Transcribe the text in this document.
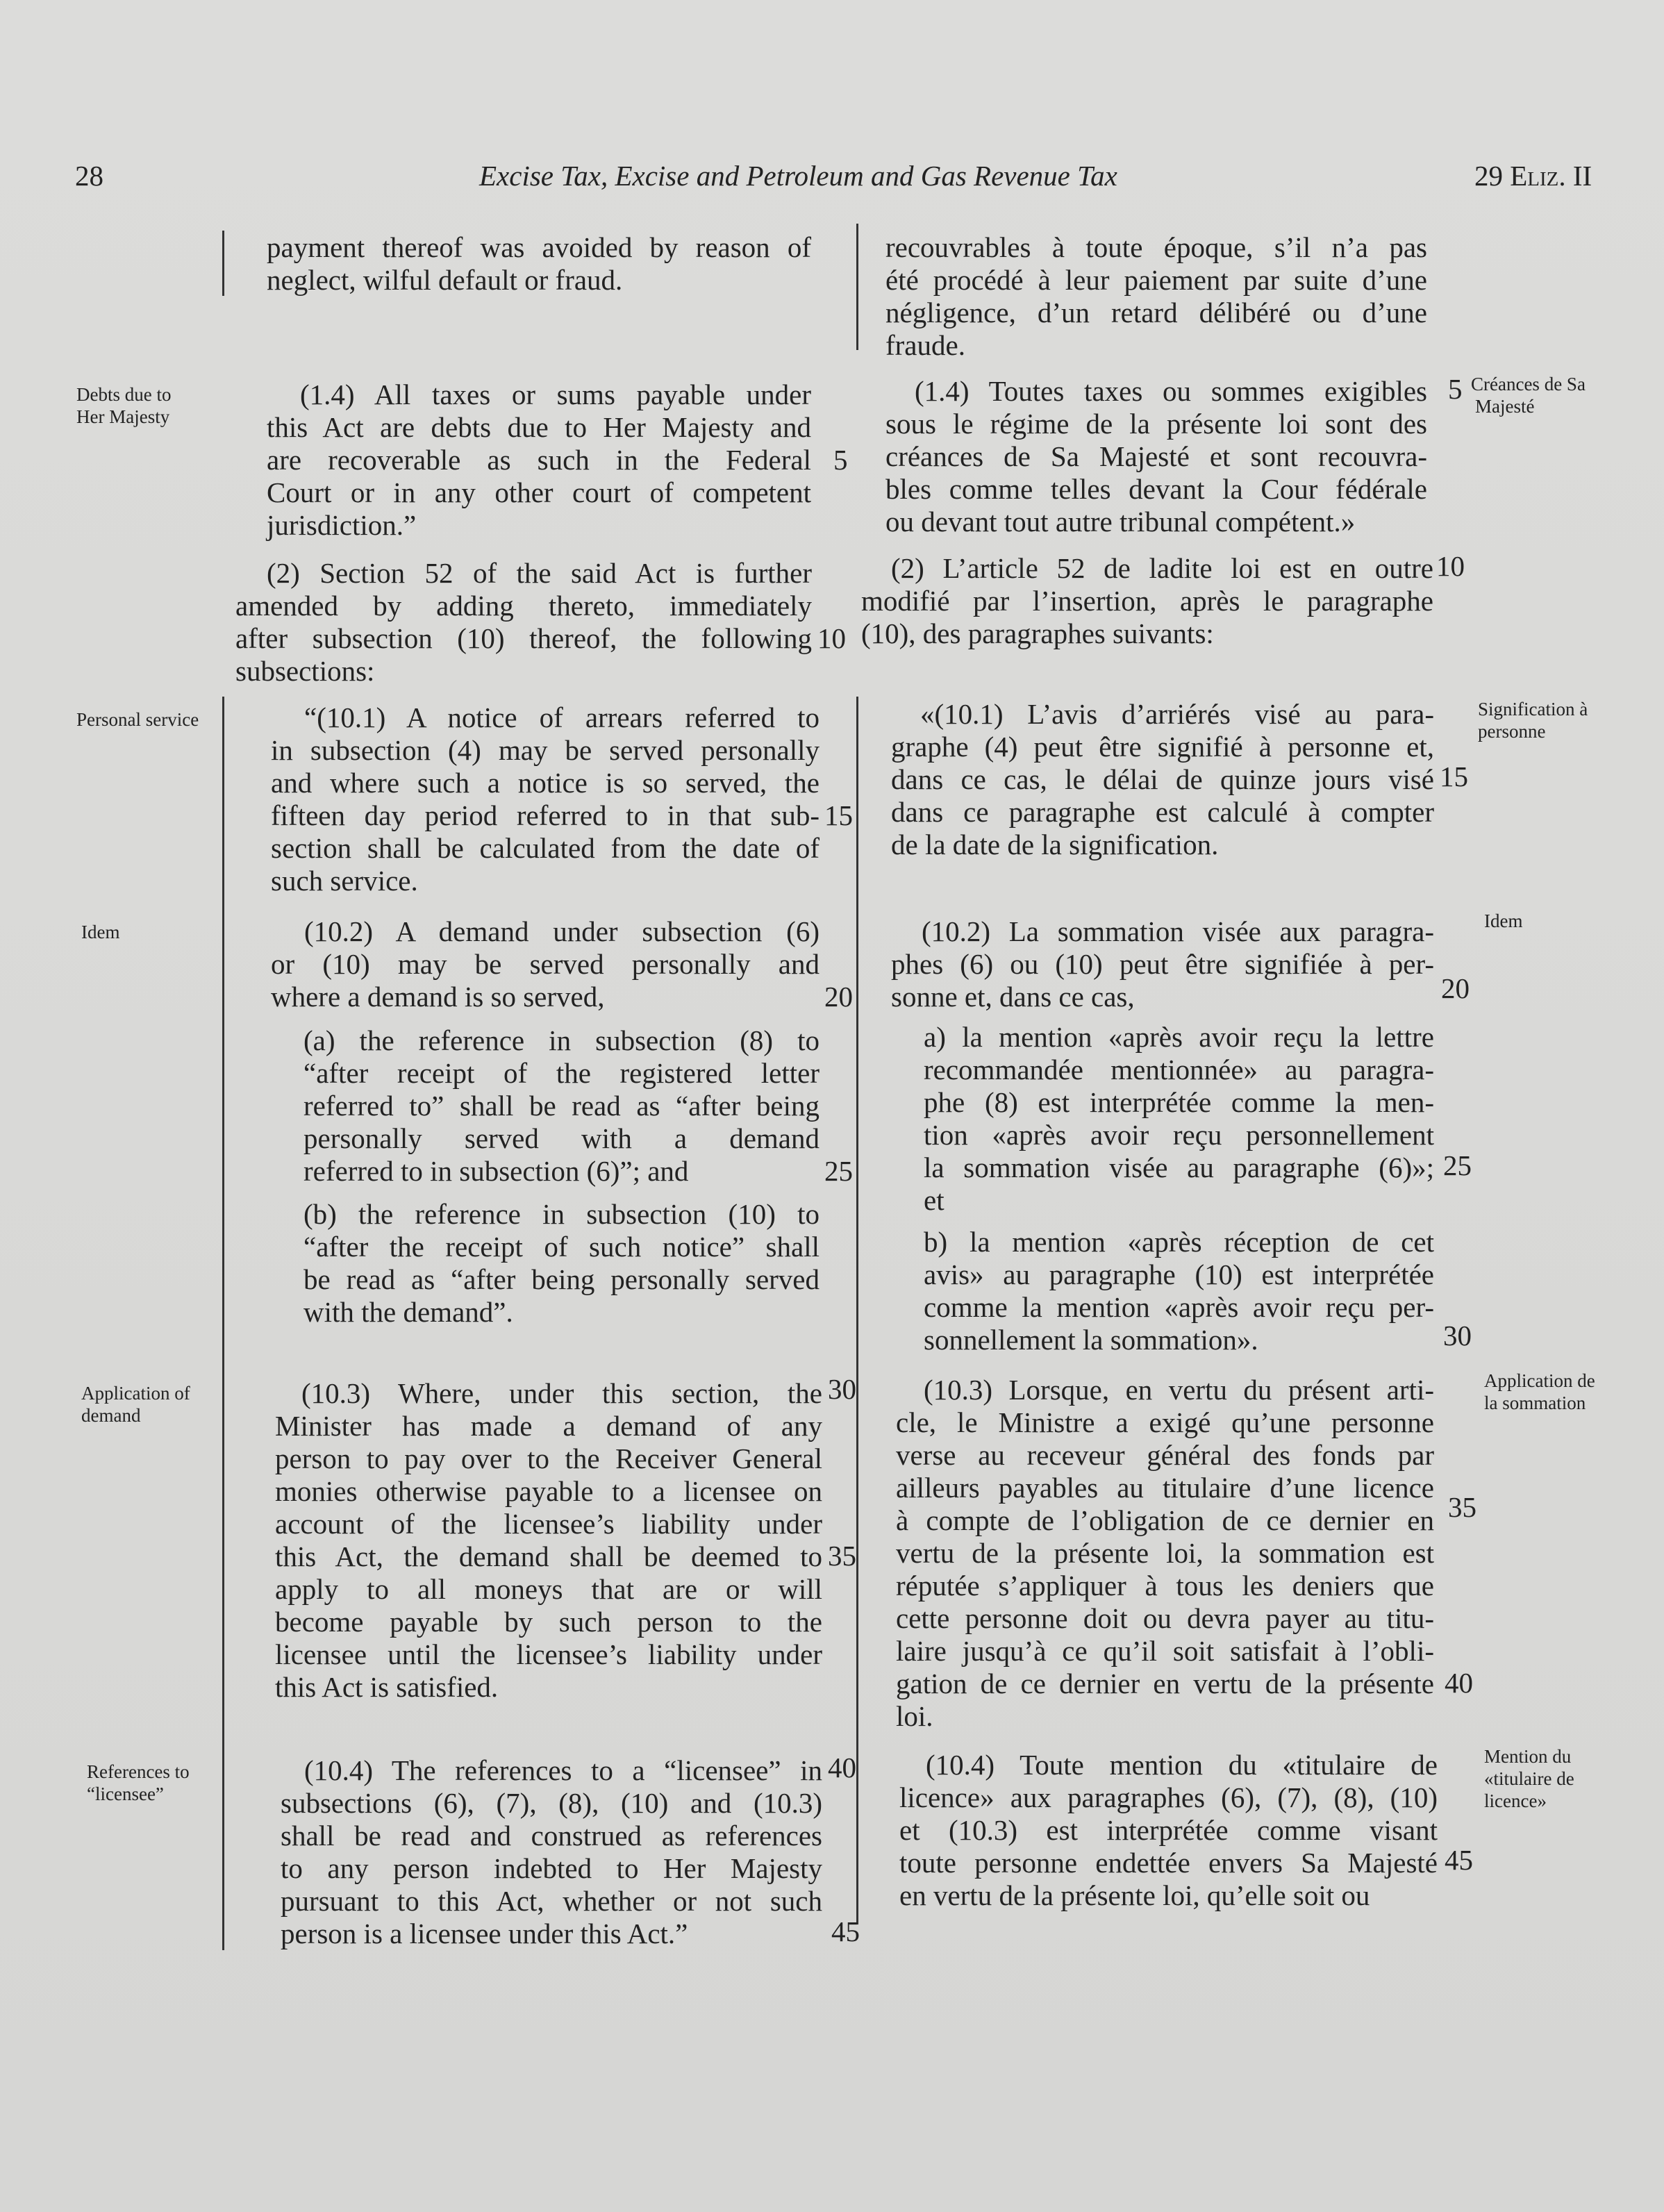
28	Excise Tax, Excise and Petroleum and Gas Revenue Tax	29 Eliz. II
Debts due to
Her Majesty
Personal service
Idem
Application of
demand
References to
“licensee”
Créances de Sa
Majesté
Signification à
personne
Idem
Application de
la sommation
Mention du
«titulaire de
licence»
payment thereof was avoided by reason of
neglect, wilful default or fraud.
(1.4) All taxes or sums payable under
this Act are debts due to Her Majesty and
are recoverable as such in the Federal
Court or in any other court of competent
jurisdiction.”
(2) Section 52 of the said Act is further
amended by adding thereto, immediately
after subsection (10) thereof, the following
subsections:
“(10.1) A notice of arrears referred to
in subsection (4) may be served personally
and where such a notice is so served, the
fifteen day period referred to in that sub-
section shall be calculated from the date of
such service.
(10.2) A demand under subsection (6)
or (10) may be served personally and
where a demand is so served,
(a) the reference in subsection (8) to
“after receipt of the registered letter
referred to” shall be read as “after being
personally served with a demand
referred to in subsection (6)”; and
(b) the reference in subsection (10) to
“after the receipt of such notice” shall
be read as “after being personally served
with the demand”.
(10.3) Where, under this section, the
Minister has made a demand of any
person to pay over to the Receiver General
monies otherwise payable to a licensee on
account of the licensee’s liability under
this Act, the demand shall be deemed to
apply to all moneys that are or will
become payable by such person to the
licensee until the licensee’s liability under
this Act is satisfied.
(10.4) The references to a “licensee” in
subsections (6), (7), (8), (10) and (10.3)
shall be read and construed as references
to any person indebted to Her Majesty
pursuant to this Act, whether or not such
person is a licensee under this Act.”
5
10
15
20
25
30
35
40
45
recouvrables à toute époque, s’il n’a pas
été procédé à leur paiement par suite d’une
négligence, d’un retard délibéré ou d’une
fraude.
(1.4) Toutes taxes ou sommes exigibles
sous le régime de la présente loi sont des
créances de Sa Majesté et sont recouvra-
bles comme telles devant la Cour fédérale
ou devant tout autre tribunal compétent.»
(2) L’article 52 de ladite loi est en outre
modifié par l’insertion, après le paragraphe
(10), des paragraphes suivants:
«(10.1) L’avis d’arriérés visé au para-
graphe (4) peut être signifié à personne et,
dans ce cas, le délai de quinze jours visé
dans ce paragraphe est calculé à compter
de la date de la signification.
(10.2) La sommation visée aux paragra-
phes (6) ou (10) peut être signifiée à per-
sonne et, dans ce cas,
a) la mention «après avoir reçu la lettre
recommandée mentionnée» au paragra-
phe (8) est interprétée comme la men-
tion «après avoir reçu personnellement
la sommation visée au paragraphe (6)»;
et
b) la mention «après réception de cet
avis» au paragraphe (10) est interprétée
comme la mention «après avoir reçu per-
sonnellement la sommation».
(10.3) Lorsque, en vertu du présent arti-
cle, le Ministre a exigé qu’une personne
verse au receveur général des fonds par
ailleurs payables au titulaire d’une licence
à compte de l’obligation de ce dernier en
vertu de la présente loi, la sommation est
réputée s’appliquer à tous les deniers que
cette personne doit ou devra payer au titu-
laire jusqu’à ce qu’il soit satisfait à l’obli-
gation de ce dernier en vertu de la présente
loi.
(10.4) Toute mention du «titulaire de
licence» aux paragraphes (6), (7), (8), (10)
et (10.3) est interprétée comme visant
toute personne endettée envers Sa Majesté
en vertu de la présente loi, qu’elle soit ou
5
10
15
20
25
30
35
40
45
